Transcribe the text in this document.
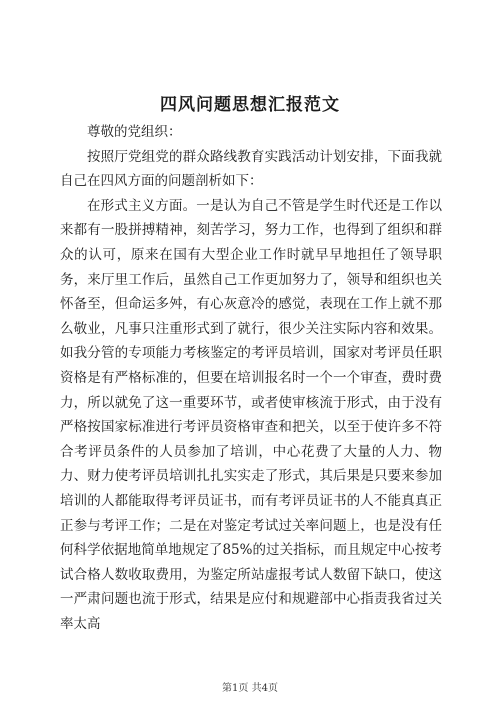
四风问题思想汇报范文

尊敬的党组织：

按照厅党组党的群众路线教育实践活动计划安排，下面我就自己在四风方面的问题剖析如下：

在形式主义方面。一是认为自己不管是学生时代还是工作以来都有一股拼搏精神，刻苦学习，努力工作，也得到了组织和群众的认可，原来在国有大型企业工作时就早早地担任了领导职务，来厅里工作后，虽然自己工作更加努力了，领导和组织也关怀备至，但命运多舛，有心灰意冷的感觉，表现在工作上就不那么敬业，凡事只注重形式到了就行，很少关注实际内容和效果。如我分管的专项能力考核鉴定的考评员培训，国家对考评员任职资格是有严格标准的，但要在培训报名时一个一个审查，费时费力，所以就免了这一重要环节，或者使审核流于形式，由于没有严格按国家标准进行考评员资格审查和把关，以至于使许多不符合考评员条件的人员参加了培训，中心花费了大量的人力、物力、财力使考评员培训扎扎实实走了形式，其后果是只要来参加培训的人都能取得考评员证书，而有考评员证书的人不能真真正正参与考评工作；二是在对鉴定考试过关率问题上，也是没有任何科学依据地简单地规定了85%的过关指标，而且规定中心按考试合格人数收取费用，为鉴定所站虚报考试人数留下缺口，使这一严肃问题也流于形式，结果是应付和规避部中心指责我省过关率太高

第1页 共4页
